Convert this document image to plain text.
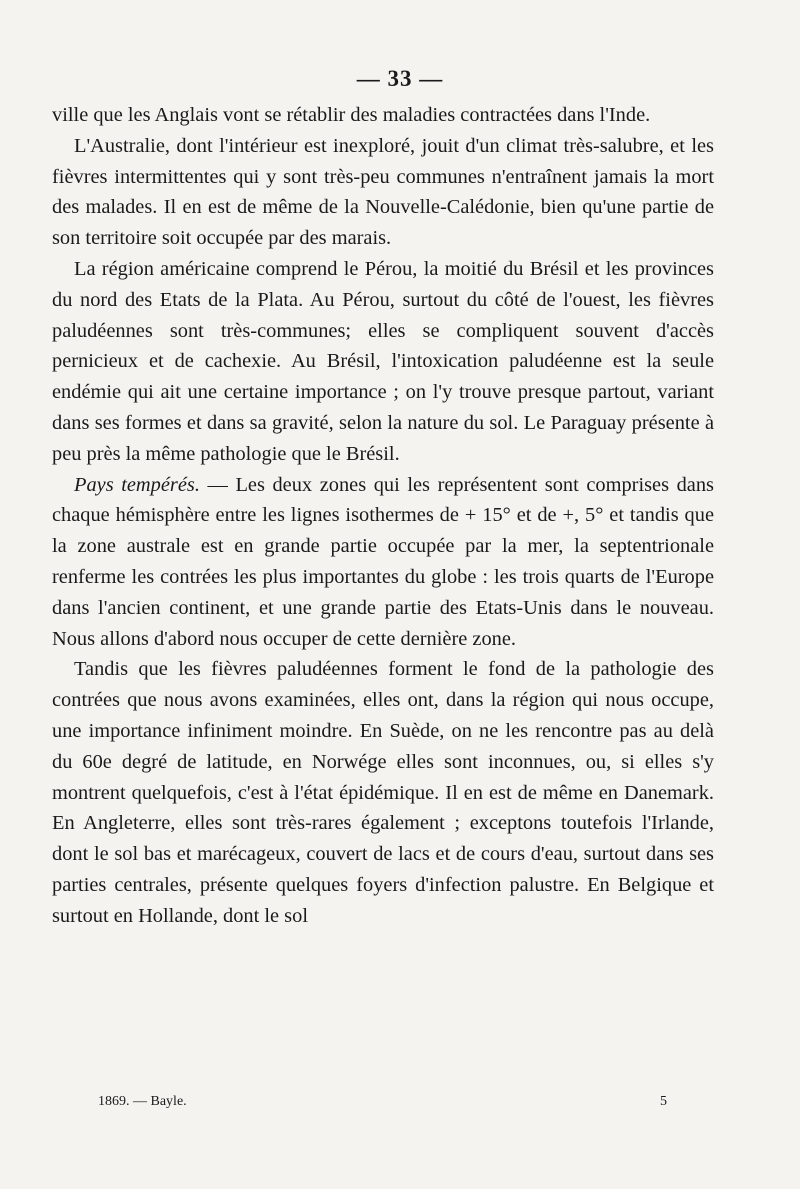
— 33 —

ville que les Anglais vont se rétablir des maladies contractées dans l'Inde.

L'Australie, dont l'intérieur est inexploré, jouit d'un climat très-salubre, et les fièvres intermittentes qui y sont très-peu communes n'entraînent jamais la mort des malades. Il en est de même de la Nouvelle-Calédonie, bien qu'une partie de son territoire soit occupée par des marais.

La région américaine comprend le Pérou, la moitié du Brésil et les provinces du nord des Etats de la Plata. Au Pérou, surtout du côté de l'ouest, les fièvres paludéennes sont très-communes; elles se compliquent souvent d'accès pernicieux et de cachexie. Au Brésil, l'intoxication paludéenne est la seule endémie qui ait une certaine importance ; on l'y trouve presque partout, variant dans ses formes et dans sa gravité, selon la nature du sol. Le Paraguay présente à peu près la même pathologie que le Brésil.

Pays tempérés. — Les deux zones qui les représentent sont comprises dans chaque hémisphère entre les lignes isothermes de + 15° et de +, 5° et tandis que la zone australe est en grande partie occupée par la mer, la septentrionale renferme les contrées les plus importantes du globe : les trois quarts de l'Europe dans l'ancien continent, et une grande partie des Etats-Unis dans le nouveau. Nous allons d'abord nous occuper de cette dernière zone.

Tandis que les fièvres paludéennes forment le fond de la pathologie des contrées que nous avons examinées, elles ont, dans la région qui nous occupe, une importance infiniment moindre. En Suède, on ne les rencontre pas au delà du 60e degré de latitude, en Norwége elles sont inconnues, ou, si elles s'y montrent quelquefois, c'est à l'état épidémique. Il en est de même en Danemark. En Angleterre, elles sont très-rares également ; exceptons toutefois l'Irlande, dont le sol bas et marécageux, couvert de lacs et de cours d'eau, surtout dans ses parties centrales, présente quelques foyers d'infection palustre. En Belgique et surtout en Hollande, dont le sol

1869. — Bayle.	5
